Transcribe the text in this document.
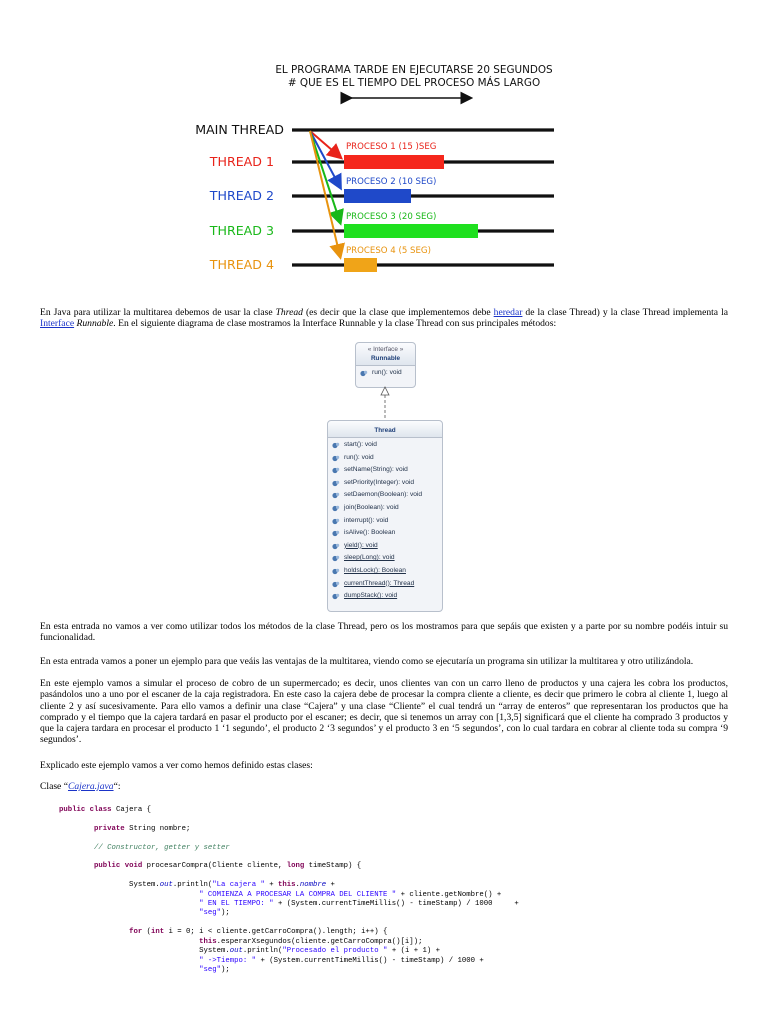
EL PROGRAMA TARDE EN EJECUTARSE 20 SEGUNDOS
# QUE ES EL TIEMPO DEL PROCESO MÁS LARGO
MAIN THREAD
THREAD 1
THREAD 2
THREAD 3
THREAD 4
PROCESO 1 (15 )SEG
PROCESO 2 (10 SEG)
PROCESO 3 (20 SEG)
PROCESO 4 (5 SEG)

En Java para utilizar la multitarea debemos de usar la clase Thread (es decir que la clase que implementemos debe heredar de la clase Thread) y la clase Thread implementa la Interface Runnable. En el siguiente diagrama de clase mostramos la Interface Runnable y la clase Thread con sus principales métodos:

« Interface »
Runnable
run(): void
Thread
start(): void
run(): void
setName(String): void
setPriority(Integer): void
setDaemon(Boolean): void
join(Boolean): void
interrupt(): void
isAlive(): Boolean
yield(): void
sleep(Long): void
holdsLock(): Boolean
currentThread(): Thread
dumpStack(): void

En esta entrada no vamos a ver como utilizar todos los métodos de la clase Thread, pero os los mostramos para que sepáis que existen y a parte por su nombre podéis intuir su funcionalidad.

En esta entrada vamos a poner un ejemplo para que veáis las ventajas de la multitarea, viendo como se ejecutaría un programa sin utilizar la multitarea y otro utilizándola.

En este ejemplo vamos a simular el proceso de cobro de un supermercado; es decir, unos clientes van con un carro lleno de productos y una cajera les cobra los productos, pasándolos uno a uno por el escaner de la caja registradora. En este caso la cajera debe de procesar la compra cliente a cliente, es decir que primero le cobra al cliente 1, luego al cliente 2 y así sucesivamente. Para ello vamos a definir una clase “Cajera” y una clase “Cliente” el cual tendrá un “array de enteros” que representaran los productos que ha comprado y el tiempo que la cajera tardará en pasar el producto por el escaner; es decir, que si tenemos un array con [1,3,5] significará que el cliente ha comprado 3 productos y que la cajera tardara en procesar el producto 1 ‘1 segundo’, el producto 2 ‘3 segundos’ y el producto 3 en ‘5 segundos’, con lo cual tardara en cobrar al cliente toda su compra ‘9 segundos’.

Explicado este ejemplo vamos a ver como hemos definido estas clases:

Clase “Cajera.java“:

public class Cajera {

private String nombre;

// Constructor, getter y setter

public void procesarCompra(Cliente cliente, long timeStamp) {

System.out.println("La cajera " + this.nombre +
" COMIENZA A PROCESAR LA COMPRA DEL CLIENTE " + cliente.getNombre() +
" EN EL TIEMPO: " + (System.currentTimeMillis() - timeStamp) / 1000     +
"seg");

for (int i = 0; i < cliente.getCarroCompra().length; i++) {
this.esperarXsegundos(cliente.getCarroCompra()[i]);
System.out.println("Procesado el producto " + (i + 1) +
" ->Tiempo: " + (System.currentTimeMillis() - timeStamp) / 1000 +
"seg");
